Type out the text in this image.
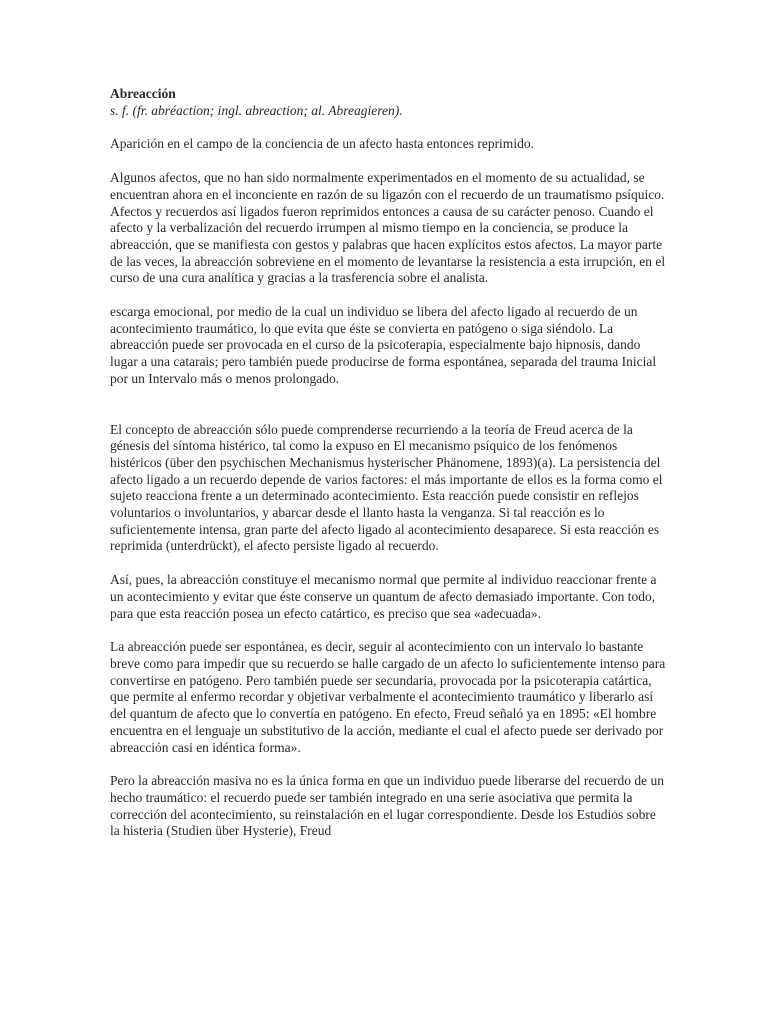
Abreacción

s. f. (fr. abréaction; ingl. abreaction; al. Abreagieren).

Aparición en el campo de la conciencia de un afecto hasta entonces reprimido.

Algunos afectos, que no han sido normalmente experimentados en el momento de su actualidad, se encuentran ahora en el inconciente en razón de su ligazón con el recuerdo de un traumatismo psíquico. Afectos y recuerdos así ligados fueron reprimidos entonces a causa de su carácter penoso. Cuando el afecto y la verbalización del recuerdo irrumpen al mismo tiempo en la conciencia, se produce la abreacción, que se manifiesta con gestos y palabras que hacen explícitos estos afectos. La mayor parte de las veces, la abreacción sobreviene en el momento de levantarse la resistencia a esta irrupción, en el curso de una cura analítica y gracias a la trasferencia sobre el analista.

escarga emocional, por medio de la cual un individuo se libera del afecto ligado al recuerdo de un acontecimiento traumático, lo que evita que éste se convierta en patógeno o siga siéndolo. La abreacción puede ser provocada en el curso de la psicoterapia, especialmente bajo hipnosis, dando lugar a una catarais; pero también puede producirse de forma espontánea, separada del trauma Inicial por un Intervalo más o menos prolongado.

El concepto de abreacción sólo puede comprenderse recurriendo a la teoría de Freud acerca de la génesis del síntoma histérico, tal como la expuso en El mecanismo psíquico de los fenómenos histéricos (über den psychischen Mechanismus hysterischer Phänomene, 1893)(a). La persistencia del afecto ligado a un recuerdo depende de varios factores: el más importante de ellos es la forma como el sujeto reacciona frente a un determinado acontecimiento. Esta reacción puede consistir en reflejos voluntarios o involuntarios, y abarcar desde el llanto hasta la venganza. Si tal reacción es lo suficientemente intensa, gran parte del afecto ligado al acontecimiento desaparece. Si esta reacción es reprimida (unterdrückt), el afecto persiste ligado al recuerdo.

Así, pues, la abreacción constituye el mecanismo normal que permite al individuo reaccionar frente a un acontecimiento y evitar que éste conserve un quantum de afecto demasiado importante. Con todo, para que esta reacción posea un efecto catártico, es preciso que sea «adecuada».

La abreacción puede ser espontánea, es decir, seguir al acontecimiento con un intervalo lo bastante breve como para impedir que su recuerdo se halle cargado de un afecto lo suficientemente intenso para convertirse en patógeno. Pero también puede ser secundaria, provocada por la psicoterapia catártica, que permite al enfermo recordar y objetivar verbalmente el acontecimiento traumático y liberarlo así del quantum de afecto que lo convertía en patógeno. En efecto, Freud señaló ya en 1895: «El hombre encuentra en el lenguaje un substitutivo de la acción, mediante el cual el afecto puede ser derivado por abreacción casi en idéntica forma».

Pero la abreacción masiva no es la única forma en que un individuo puede liberarse del recuerdo de un hecho traumático: el recuerdo puede ser también integrado en una serie asociativa que permita la corrección del acontecimiento, su reinstalación en el lugar correspondiente. Desde los Estudios sobre la histeria (Studien über Hysterie), Freud
